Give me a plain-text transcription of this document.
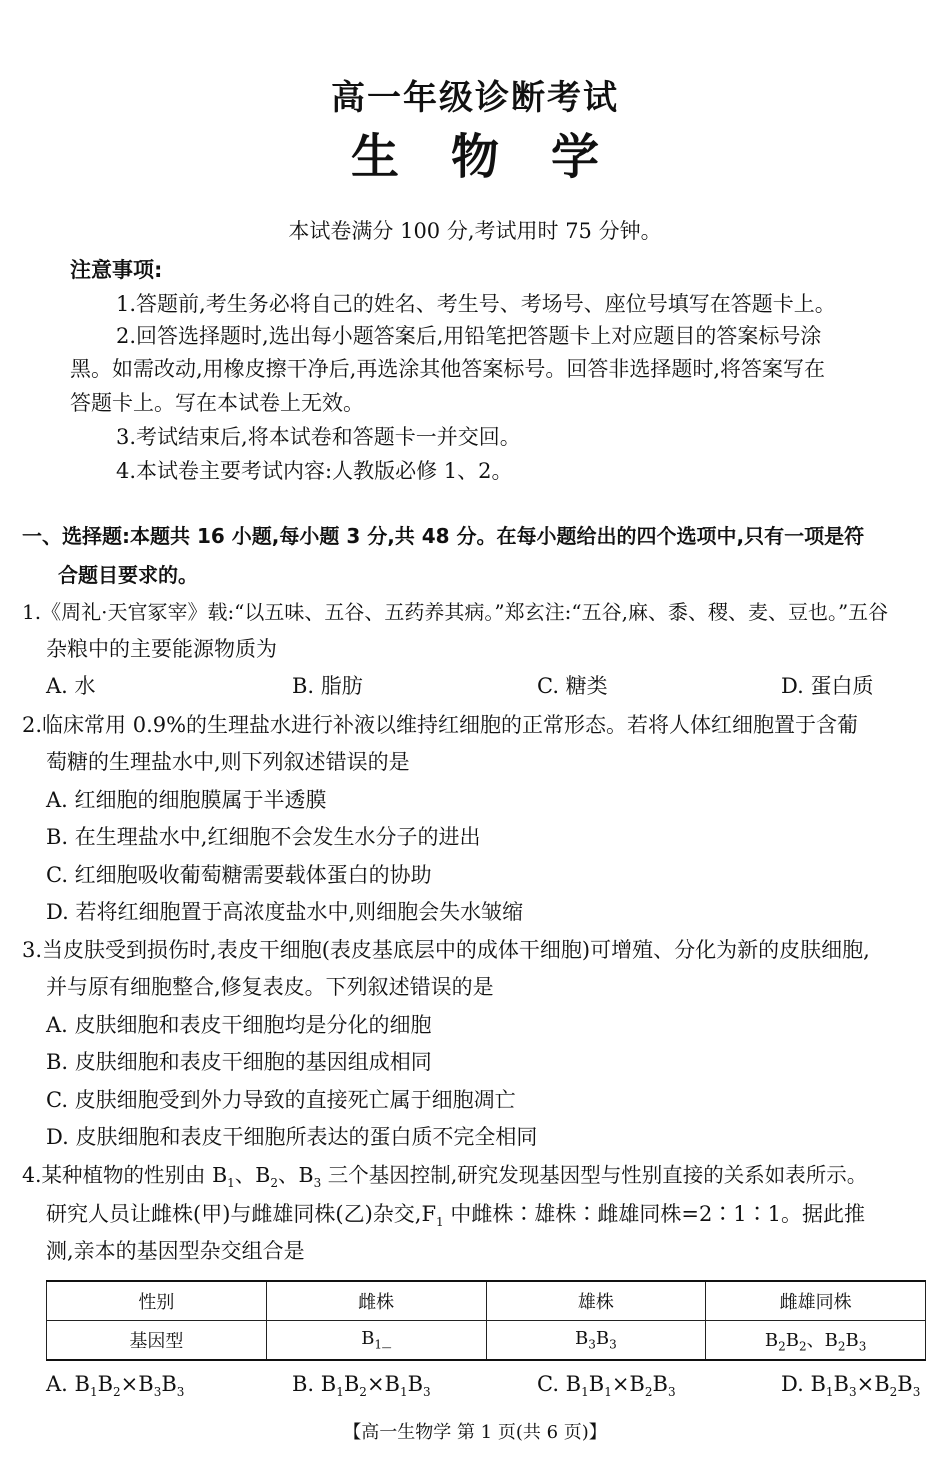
高一年级诊断考试
生物学
本试卷满分 100 分,考试用时 75 分钟。
注意事项:
1.答题前,考生务必将自己的姓名、考生号、考场号、座位号填写在答题卡上。
2.回答选择题时,选出每小题答案后,用铅笔把答题卡上对应题目的答案标号涂
黑。如需改动,用橡皮擦干净后,再选涂其他答案标号。回答非选择题时,将答案写在
答题卡上。写在本试卷上无效。
3.考试结束后,将本试卷和答题卡一并交回。
4.本试卷主要考试内容:人教版必修 1、2。
一、选择题:本题共 16 小题,每小题 3 分,共 48 分。在每小题给出的四个选项中,只有一项是符
合题目要求的。
1.《周礼·天官冢宰》载:“以五味、五谷、五药养其病。”郑玄注:“五谷,麻、黍、稷、麦、豆也。”五谷
杂粮中的主要能源物质为
A. 水	B. 脂肪	C. 糖类	D. 蛋白质
2.临床常用 0.9%的生理盐水进行补液以维持红细胞的正常形态。若将人体红细胞置于含葡
萄糖的生理盐水中,则下列叙述错误的是
A. 红细胞的细胞膜属于半透膜
B. 在生理盐水中,红细胞不会发生水分子的进出
C. 红细胞吸收葡萄糖需要载体蛋白的协助
D. 若将红细胞置于高浓度盐水中,则细胞会失水皱缩
3.当皮肤受到损伤时,表皮干细胞(表皮基底层中的成体干细胞)可增殖、分化为新的皮肤细胞,
并与原有细胞整合,修复表皮。下列叙述错误的是
A. 皮肤细胞和表皮干细胞均是分化的细胞
B. 皮肤细胞和表皮干细胞的基因组成相同
C. 皮肤细胞受到外力导致的直接死亡属于细胞凋亡
D. 皮肤细胞和表皮干细胞所表达的蛋白质不完全相同
4.某种植物的性别由 $B_1$、$B_2$、$B_3$ 三个基因控制,研究发现基因型与性别直接的关系如表所示。
研究人员让雌株(甲)与雌雄同株(乙)杂交$,F_1$ 中雌株∶雄株∶雌雄同株=2∶1∶1。据此推
测,亲本的基因型杂交组合是
性别	雌株	雄株	雌雄同株
基因型	$B_1\_$	$B_3B_3$	$B_2B_2$、$B_2B_3$
A. $B_1B_2\times B_3B_3$	B. $B_1B_2\times B_1B_3$	C. $B_1B_1\times B_2B_3$	D. $B_1B_3\times B_2B_3$
【高一生物学 第 1 页(共 6 页)】
